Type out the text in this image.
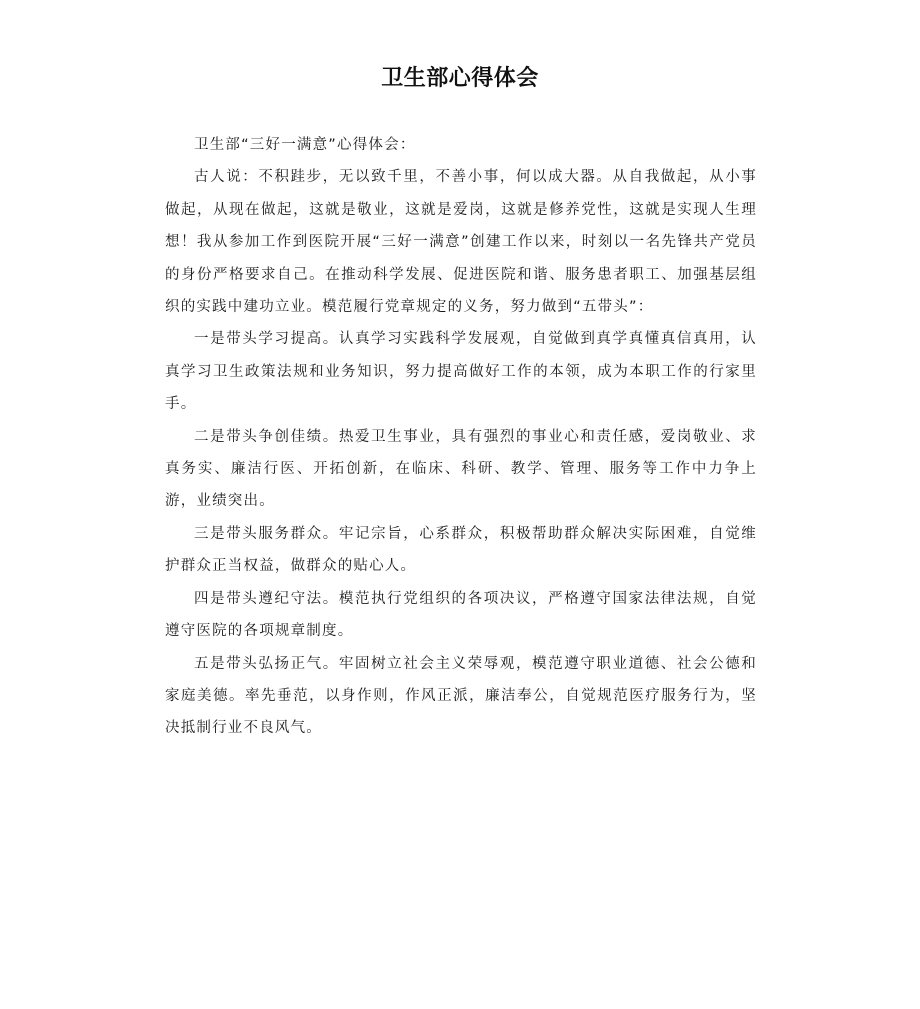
卫生部心得体会

卫生部“三好一满意”心得体会：

古人说：不积跬步，无以致千里，不善小事，何以成大器。从自我做起，从小事做起，从现在做起，这就是敬业，这就是爱岗，这就是修养党性，这就是实现人生理想！我从参加工作到医院开展“三好一满意”创建工作以来，时刻以一名先锋共产党员的身份严格要求自己。在推动科学发展、促进医院和谐、服务患者职工、加强基层组织的实践中建功立业。模范履行党章规定的义务，努力做到“五带头”：

一是带头学习提高。认真学习实践科学发展观，自觉做到真学真懂真信真用，认真学习卫生政策法规和业务知识，努力提高做好工作的本领，成为本职工作的行家里手。

二是带头争创佳绩。热爱卫生事业，具有强烈的事业心和责任感，爱岗敬业、求真务实、廉洁行医、开拓创新，在临床、科研、教学、管理、服务等工作中力争上游，业绩突出。

三是带头服务群众。牢记宗旨，心系群众，积极帮助群众解决实际困难，自觉维护群众正当权益，做群众的贴心人。

四是带头遵纪守法。模范执行党组织的各项决议，严格遵守国家法律法规，自觉遵守医院的各项规章制度。

五是带头弘扬正气。牢固树立社会主义荣辱观，模范遵守职业道德、社会公德和家庭美德。率先垂范，以身作则，作风正派，廉洁奉公，自觉规范医疗服务行为，坚决抵制行业不良风气。
